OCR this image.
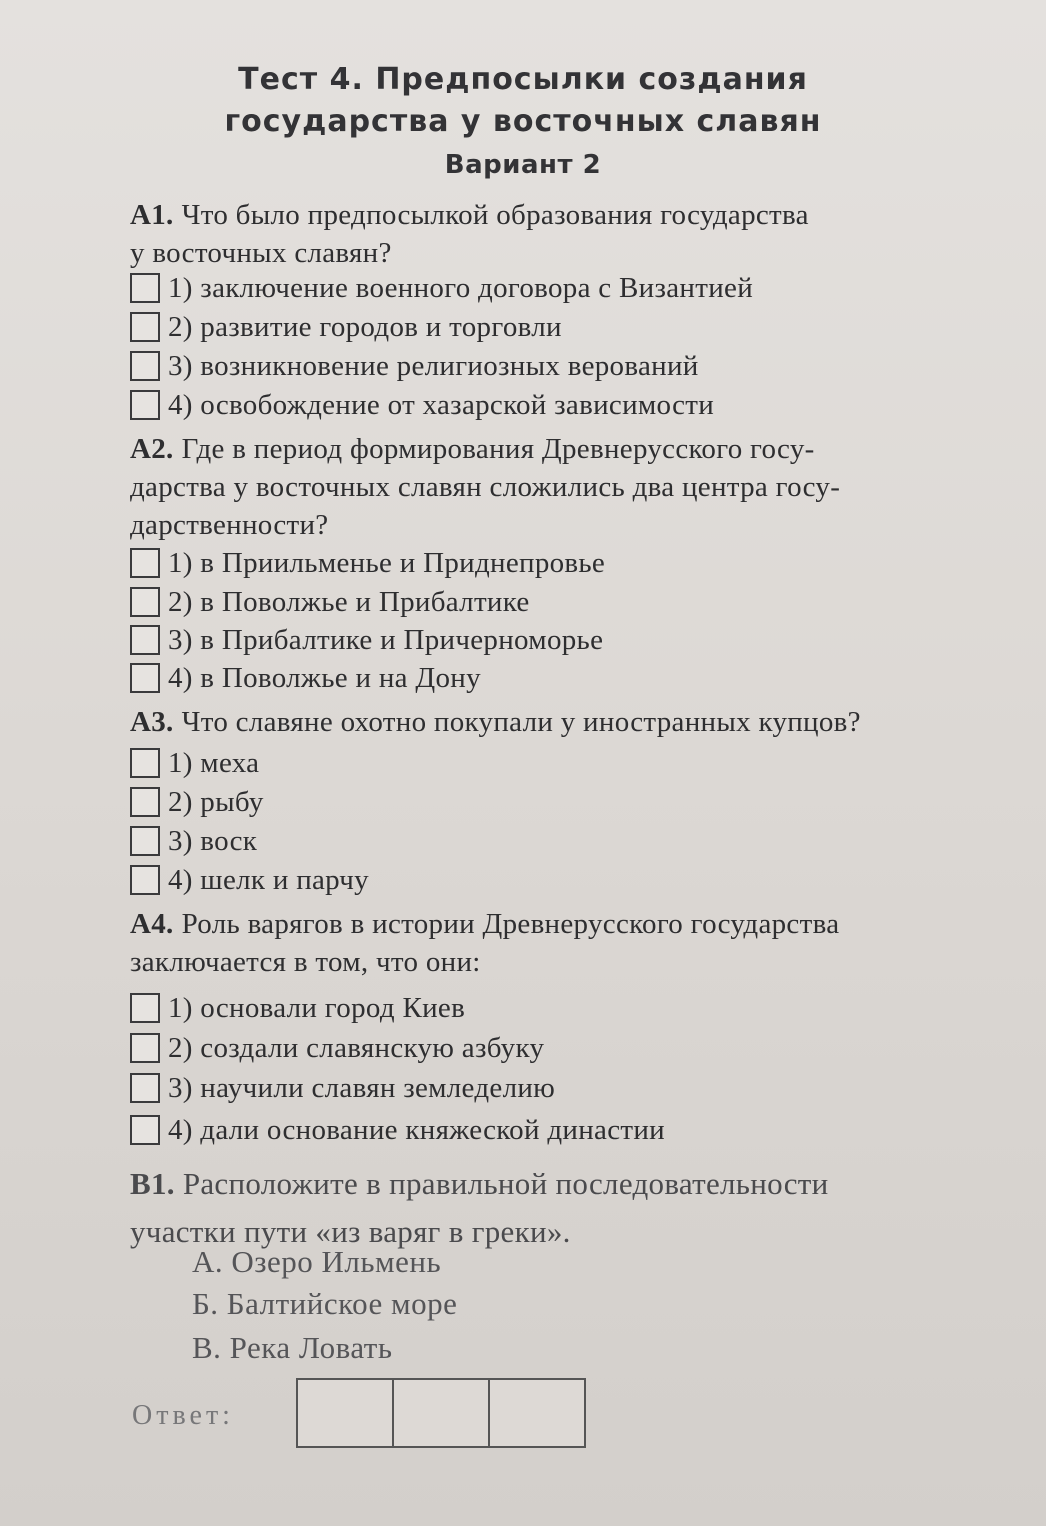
Тест 4. Предпосылки создания
государства у восточных славян
Вариант 2
А1. Что было предпосылкой образования государства
у восточных славян?
1) заключение военного договора с Византией
2) развитие городов и торговли
3) возникновение религиозных верований
4) освобождение от хазарской зависимости
А2. Где в период формирования Древнерусского госу-
дарства у восточных славян сложились два центра госу-
дарственности?
1) в Приильменье и Приднепровье
2) в Поволжье и Прибалтике
3) в Прибалтике и Причерноморье
4) в Поволжье и на Дону
А3. Что славяне охотно покупали у иностранных купцов?
1) меха
2) рыбу
3) воск
4) шелк и парчу
А4. Роль варягов в истории Древнерусского государства
заключается в том, что они:
1) основали город Киев
2) создали славянскую азбуку
3) научили славян земледелию
4) дали основание княжеской династии
В1. Расположите в правильной последовательности
участки пути «из варяг в греки».
А. Озеро Ильмень
Б. Балтийское море
В. Река Ловать
Ответ:
